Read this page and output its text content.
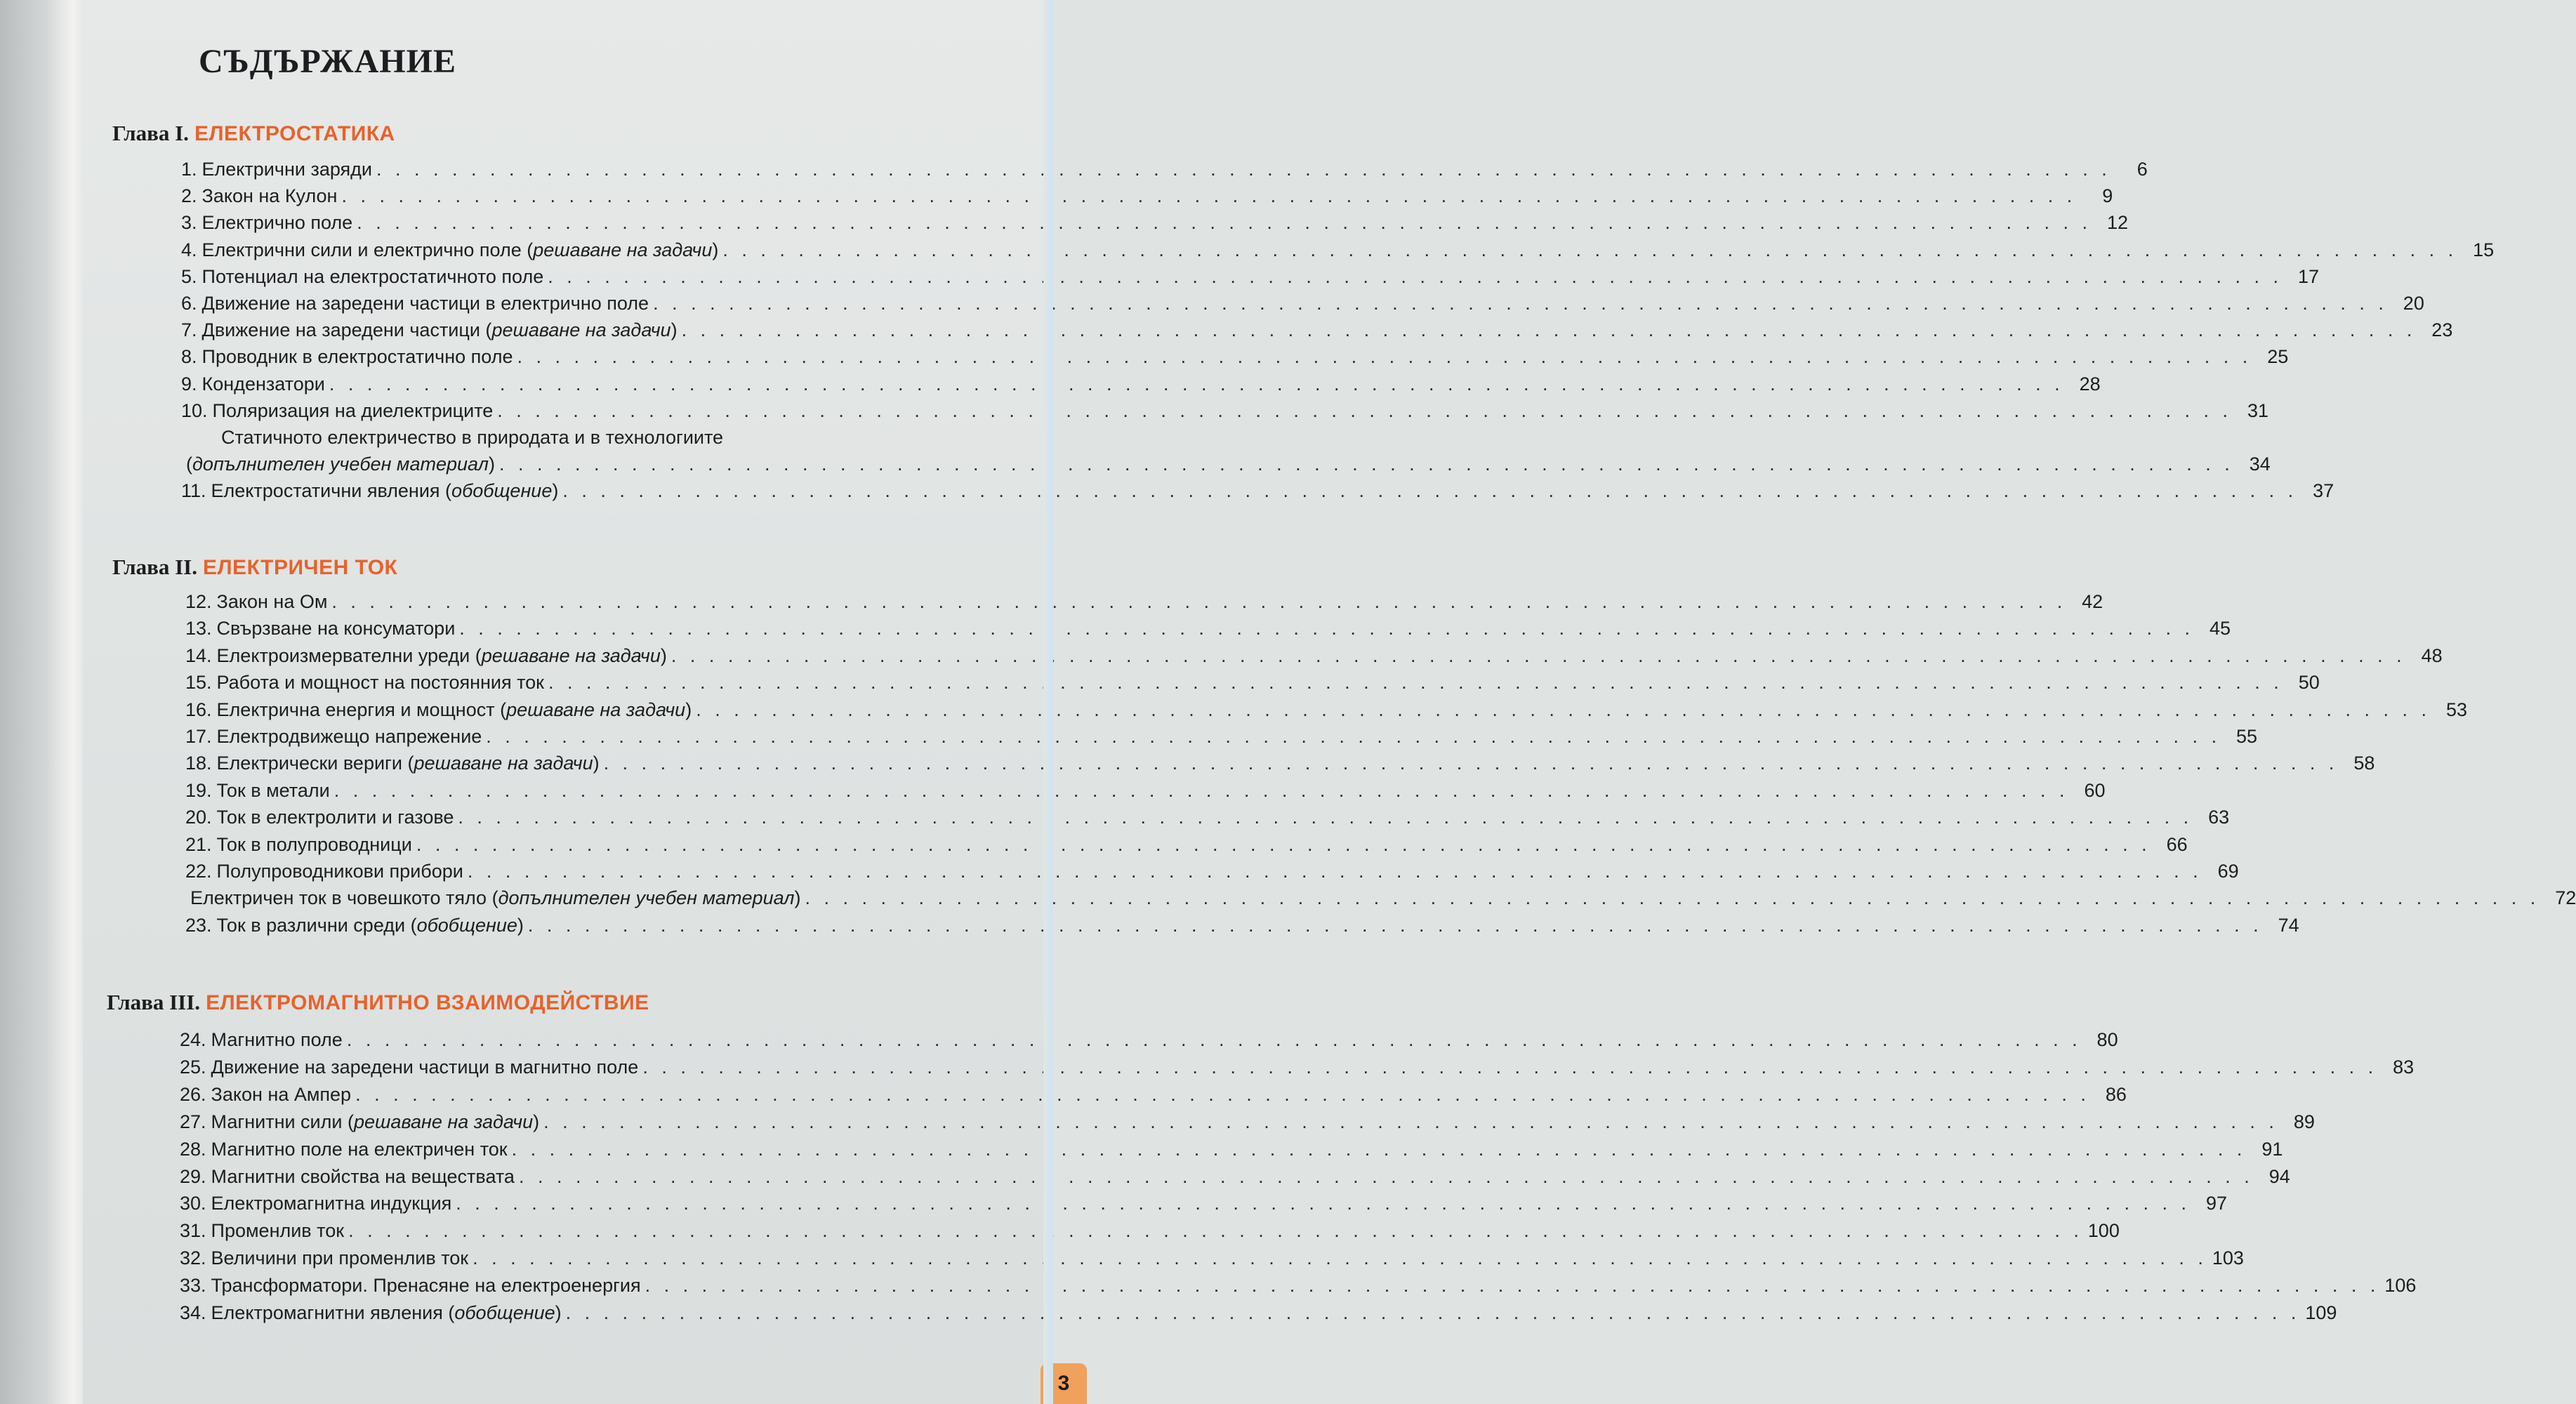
СЪДЪРЖАНИЕ
Глава I. ЕЛЕКТРОСТАТИКА
1. Електрични заряди . . .	6
2. Закон на Кулон . . .	9
3. Електрично поле . . .	12
4. Електрични сили и електрично поле (решаване на задачи) . . .	15
5. Потенциал на електростатичното поле . . .	17
6. Движение на заредени частици в електрично поле . . .	20
7. Движение на заредени частици (решаване на задачи) . . .	23
8. Проводник в електростатично поле . . .	25
9. Кондензатори . . .	28
10. Поляризация на диелектриците . . .	31
Статичното електричество в природата и в технологиите
(допълнителен учебен материал) . . .	34
11. Електростатични явления (обобщение) . . .	37
Глава II. ЕЛЕКТРИЧЕН ТОК
12. Закон на Ом . . .	42
13. Свързване на консуматори . . .	45
14. Електроизмервателни уреди (решаване на задачи) . . .	48
15. Работа и мощност на постоянния ток . . .	50
16. Електрична енергия и мощност (решаване на задачи) . . .	53
17. Електродвижещо напрежение . . .	55
18. Електрически вериги (решаване на задачи) . . .	58
19. Ток в метали . . .	60
20. Ток в електролити и газове . . .	63
21. Ток в полупроводници . . .	66
22. Полупроводникови прибори . . .	69
Електричен ток в човешкото тяло (допълнителен учебен материал) . . .	72
23. Ток в различни среди (обобщение) . . .	74
Глава III. ЕЛЕКТРОМАГНИТНО ВЗАИМОДЕЙСТВИЕ
24. Магнитно поле . . .	80
25. Движение на заредени частици в магнитно поле . . .	83
26. Закон на Ампер . . .	86
27. Магнитни сили (решаване на задачи) . . .	89
28. Магнитно поле на електричен ток . . .	91
29. Магнитни свойства на веществата . . .	94
30. Електромагнитна индукция . . .	97
31. Променлив ток . . .	100
32. Величини при променлив ток . . .	103
33. Трансформатори. Пренасяне на електроенергия . . .	106
34. Електромагнитни явления (обобщение) . . .	109
3
